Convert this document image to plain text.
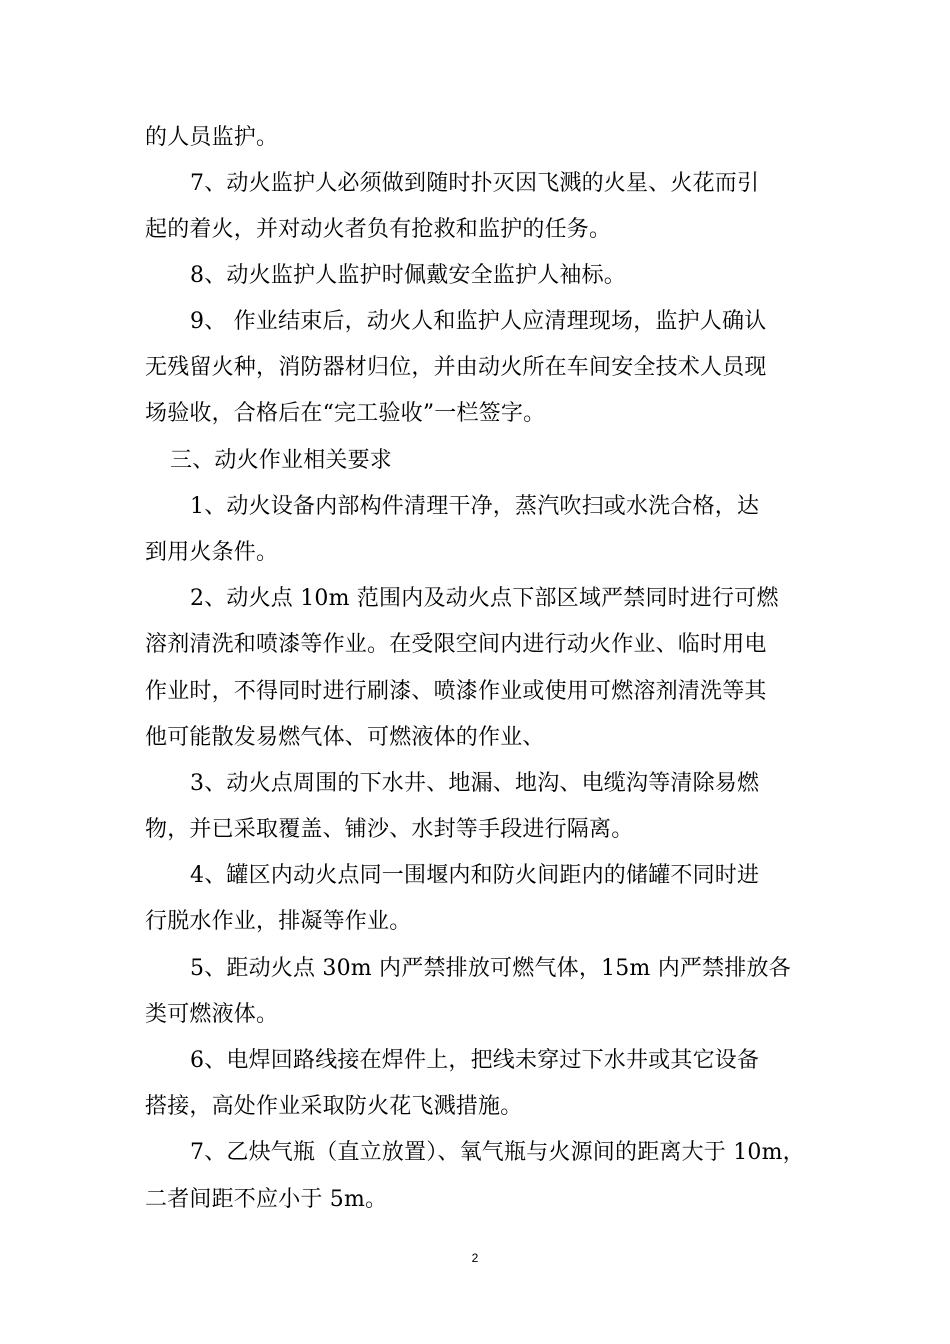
的人员监护。
7、动火监护人必须做到随时扑灭因飞溅的火星、火花而引
起的着火，并对动火者负有抢救和监护的任务。
8、动火监护人监护时佩戴安全监护人袖标。
9、 作业结束后，动火人和监护人应清理现场，监护人确认
无残留火种，消防器材归位，并由动火所在车间安全技术人员现
场验收，合格后在“完工验收”一栏签字。
三、动火作业相关要求
1、动火设备内部构件清理干净，蒸汽吹扫或水洗合格，达
到用火条件。
2、动火点 10m 范围内及动火点下部区域严禁同时进行可燃
溶剂清洗和喷漆等作业。在受限空间内进行动火作业、临时用电
作业时，不得同时进行刷漆、喷漆作业或使用可燃溶剂清洗等其
他可能散发易燃气体、可燃液体的作业、
3、动火点周围的下水井、地漏、地沟、电缆沟等清除易燃
物，并已采取覆盖、铺沙、水封等手段进行隔离。
4、罐区内动火点同一围堰内和防火间距内的储罐不同时进
行脱水作业，排凝等作业。
5、距动火点 30m 内严禁排放可燃气体，15m 内严禁排放各
类可燃液体。
6、电焊回路线接在焊件上，把线未穿过下水井或其它设备
搭接，高处作业采取防火花飞溅措施。
7、乙炔气瓶（直立放置）、氧气瓶与火源间的距离大于 10m，
二者间距不应小于 5m。
2
